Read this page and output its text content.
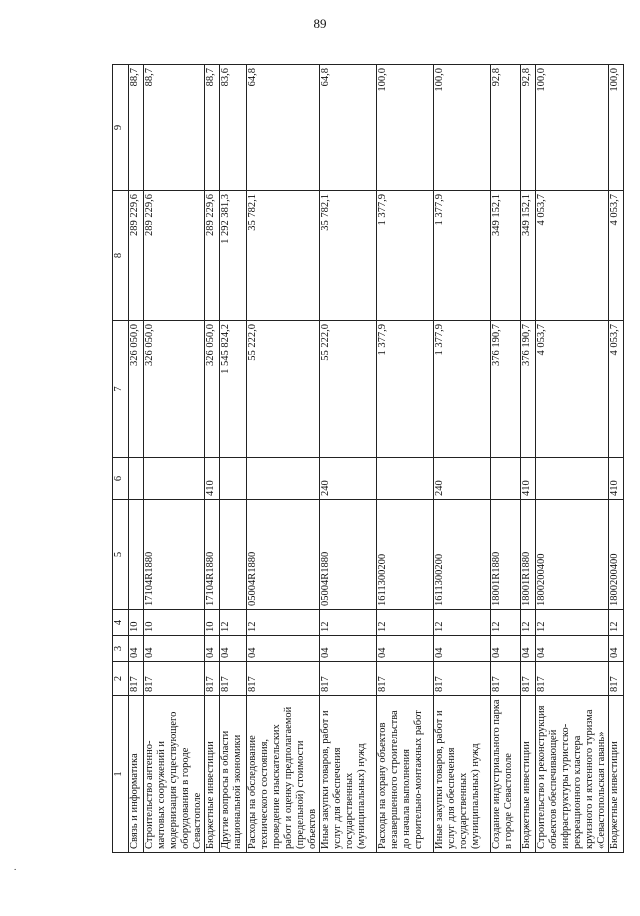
89
1	2	3	4	5	6	7	8	9
Связь и информатика	817	04	10			326 050,0	289 229,6	88,7
Строительство антенно-мачтовых сооружений и модернизация существующего оборудования в городе Севастополе	817	04	10	17104R1880		326 050,0	289 229,6	88,7
Бюджетные инвестиции	817	04	10	17104R1880	410	326 050,0	289 229,6	88,7
Другие вопросы в области национальной экономики	817	04	12			1 545 824,2	1 292 381,3	83,6
Расходы на обследование технического состояния, проведение изыскательских работ и оценку предполагаемой (предельной) стоимости объектов	817	04	12	05004R1880		55 222,0	35 782,1	64,8
Иные закупки товаров, работ и услуг для обеспечения государственных (муниципальных) нужд	817	04	12	05004R1880	240	55 222,0	35 782,1	64,8
Расходы на охрану объектов незавершенного строительства до начала выполнения строительно-монтажных работ	817	04	12	1611300200		1 377,9	1 377,9	100,0
Иные закупки товаров, работ и услуг для обеспечения государственных (муниципальных) нужд	817	04	12	1611300200	240	1 377,9	1 377,9	100,0
Создание индустриального парка в городе Севастополе	817	04	12	18001R1880		376 190,7	349 152,1	92,8
Бюджетные инвестиции	817	04	12	18001R1880	410	376 190,7	349 152,1	92,8
Строительство и реконструкция объектов обеспечивающей инфраструктуры туристско-рекреационного кластера круизного и яхтенного туризма «Севастопольская гавань»	817	04	12	1800200400		4 053,7	4 053,7	100,0
Бюджетные инвестиции	817	04	12	1800200400	410	4 053,7	4 053,7	100,0
.
